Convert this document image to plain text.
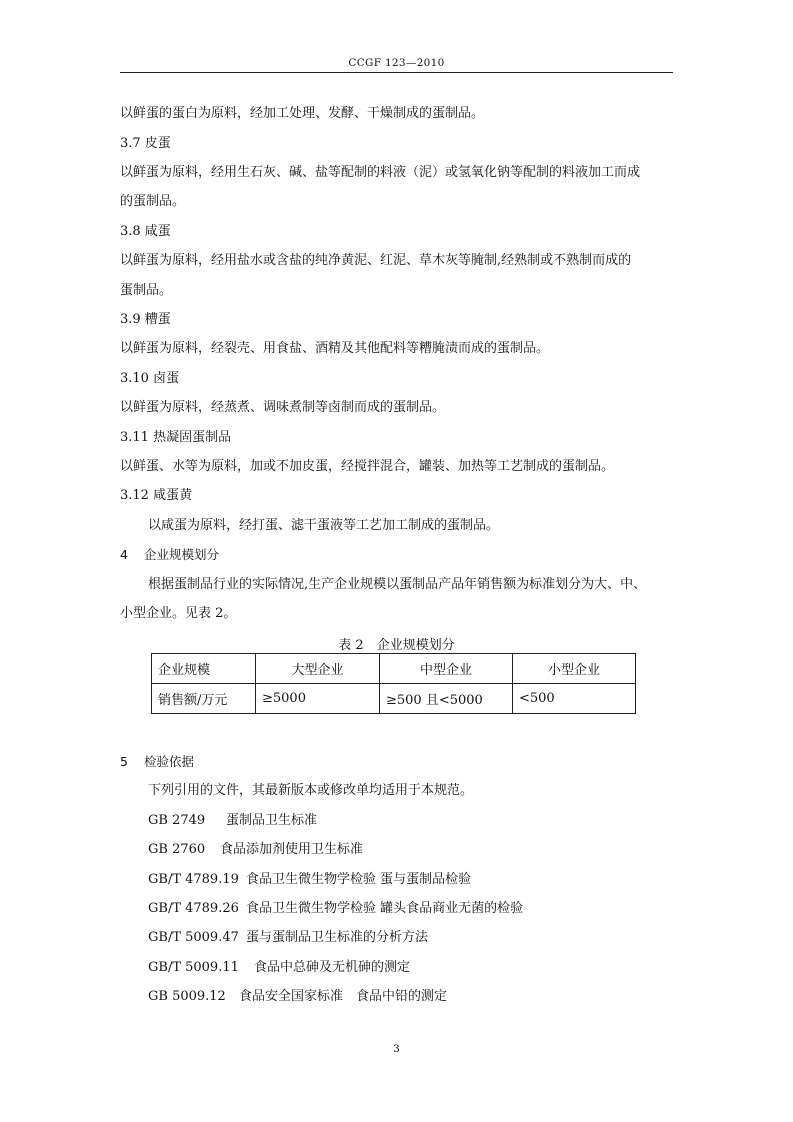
CCGF 123—2010
以鲜蛋的蛋白为原料，经加工处理、发酵、干燥制成的蛋制品。
3.7 皮蛋
以鲜蛋为原料，经用生石灰、碱、盐等配制的料液（泥）或氢氧化钠等配制的料液加工而成
的蛋制品。
3.8 咸蛋
以鲜蛋为原料，经用盐水或含盐的纯净黄泥、红泥、草木灰等腌制,经熟制或不熟制而成的
蛋制品。
3.9 糟蛋
以鲜蛋为原料，经裂壳、用食盐、酒精及其他配料等糟腌渍而成的蛋制品。
3.10 卤蛋
以鲜蛋为原料，经蒸煮、调味煮制等卤制而成的蛋制品。
3.11 热凝固蛋制品
以鲜蛋、水等为原料，加或不加皮蛋，经搅拌混合，罐装、加热等工艺制成的蛋制品。
3.12 咸蛋黄
以咸蛋为原料，经打蛋、滤干蛋液等工艺加工制成的蛋制品。
4 企业规模划分
根据蛋制品行业的实际情况,生产企业规模以蛋制品产品年销售额为标准划分为大、中、
小型企业。见表 2。
表 2　企业规模划分
企业规模	大型企业	中型企业	小型企业
销售额/万元	≥5000	≥500 且<5000	<500
5 检验依据
下列引用的文件，其最新版本或修改单均适用于本规范。
GB 2749 蛋制品卫生标准
GB 2760 食品添加剂使用卫生标准
GB/T 4789.19 食品卫生微生物学检验 蛋与蛋制品检验
GB/T 4789.26 食品卫生微生物学检验 罐头食品商业无菌的检验
GB/T 5009.47 蛋与蛋制品卫生标准的分析方法
GB/T 5009.11 食品中总砷及无机砷的测定
GB 5009.12 食品安全国家标准　食品中铅的测定
3
